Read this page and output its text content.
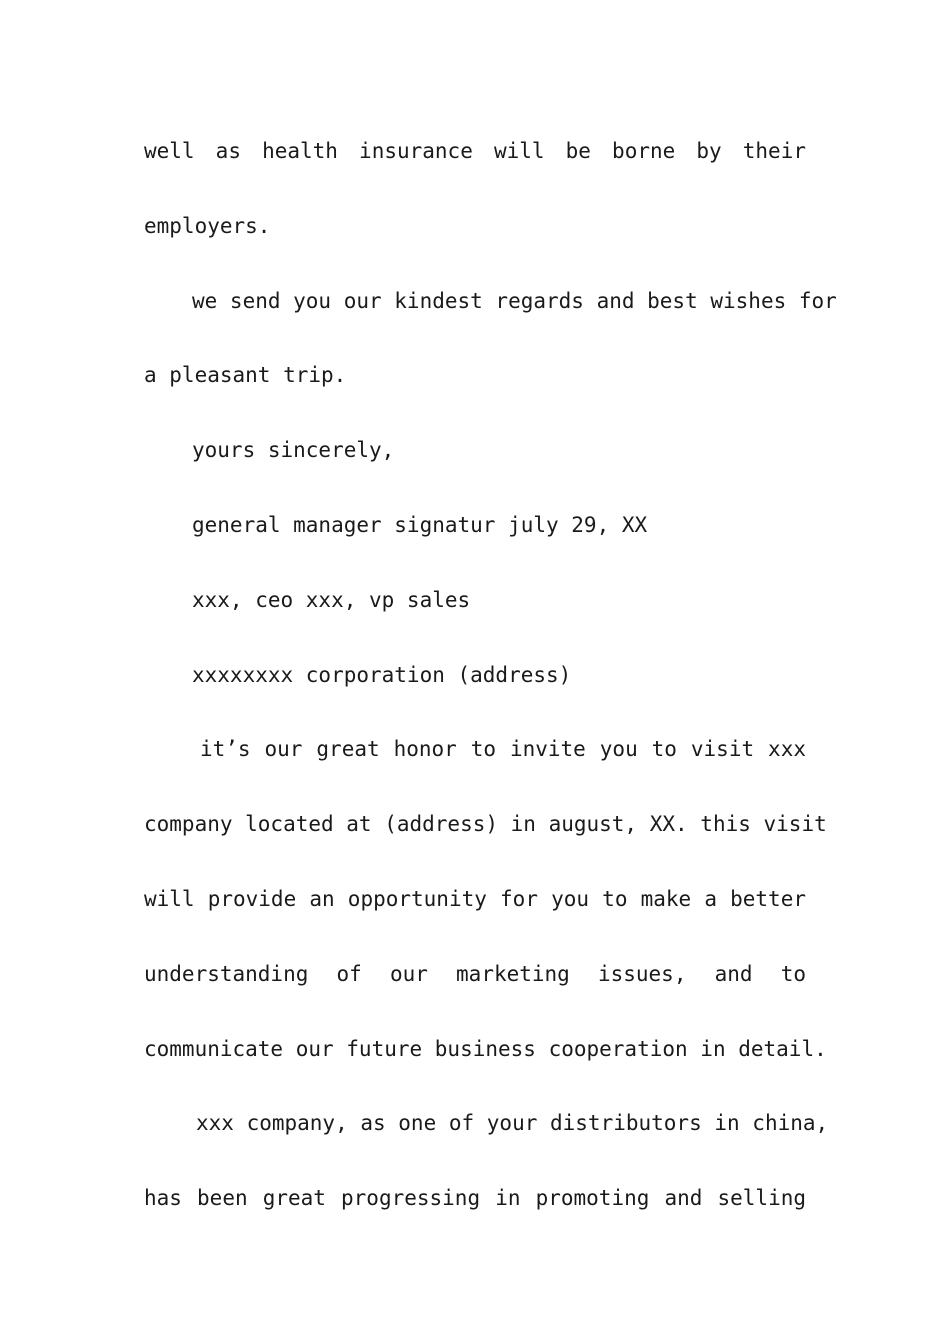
well as health insurance will be borne by their
employers.
we send you our kindest regards and best wishes for
a pleasant trip.
yours sincerely,
general manager signatur july 29, XX
xxx, ceo xxx, vp sales
xxxxxxxx corporation (address)
it’s our great honor to invite you to visit xxx
company located at (address) in august, XX. this visit
will provide an opportunity for you to make a better
understanding of our marketing issues, and to
communicate our future business cooperation in detail.
xxx company, as one of your distributors in china,
has been great progressing in promoting and selling
